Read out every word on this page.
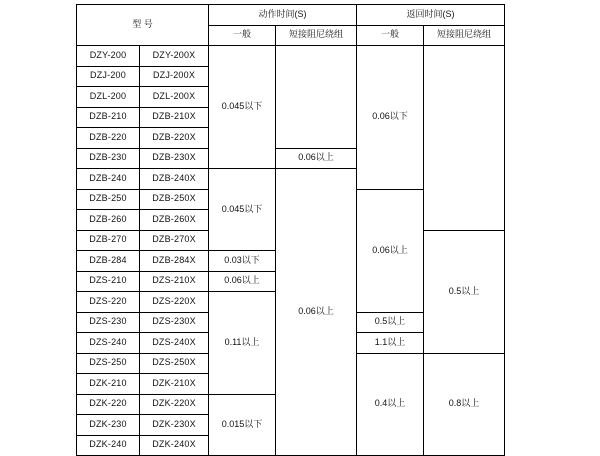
型 号		动作时间(S)		返回时间(S)	
		一般	短接阻尼绕组	一般	短接阻尼绕组
DZY-200	DZY-200X	0.045以下		0.06以下	
DZJ-200	DZJ-200X				
DZL-200	DZL-200X				
DZB-210	DZB-210X				
DZB-220	DZB-220X				
DZB-230	DZB-230X		0.06以上		
DZB-240	DZB-240X	0.045以下	0.06以上		
DZB-250	DZB-250X			0.06以上	
DZB-260	DZB-260X				
DZB-270	DZB-270X				0.5以上
DZB-284	DZB-284X	0.03以下			
DZS-210	DZS-210X	0.06以上			
DZS-220	DZS-220X	0.11以上			
DZS-230	DZS-230X			0.5以上	
DZS-240	DZS-240X			1.1以上	
DZS-250	DZS-250X			0.4以上	0.8以上
DZK-210	DZK-210X				
DZK-220	DZK-220X	0.015以下			
DZK-230	DZK-230X				
DZK-240	DZK-240X				
